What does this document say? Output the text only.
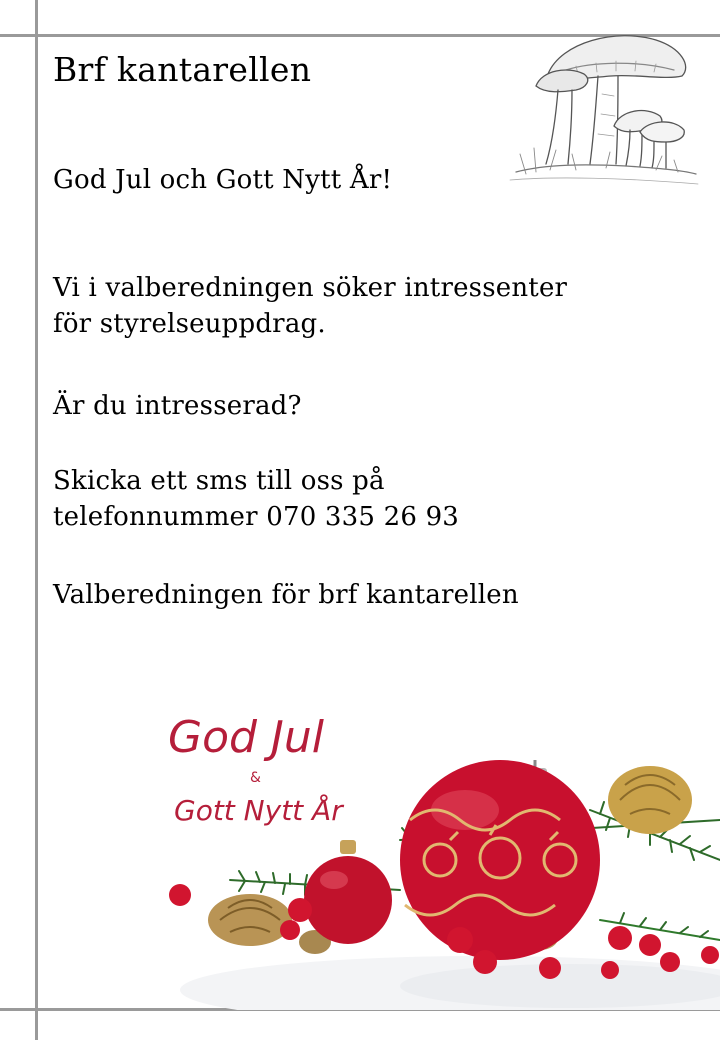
Brf kantarellen
God Jul och Gott Nytt År!
Vi i valberedningen söker intressenter
för styrelseuppdrag.
Är du intresserad?
Skicka ett sms till oss på
telefonnummer 070 335 26 93
Valberedningen för brf kantarellen
God Jul
&
Gott Nytt År
